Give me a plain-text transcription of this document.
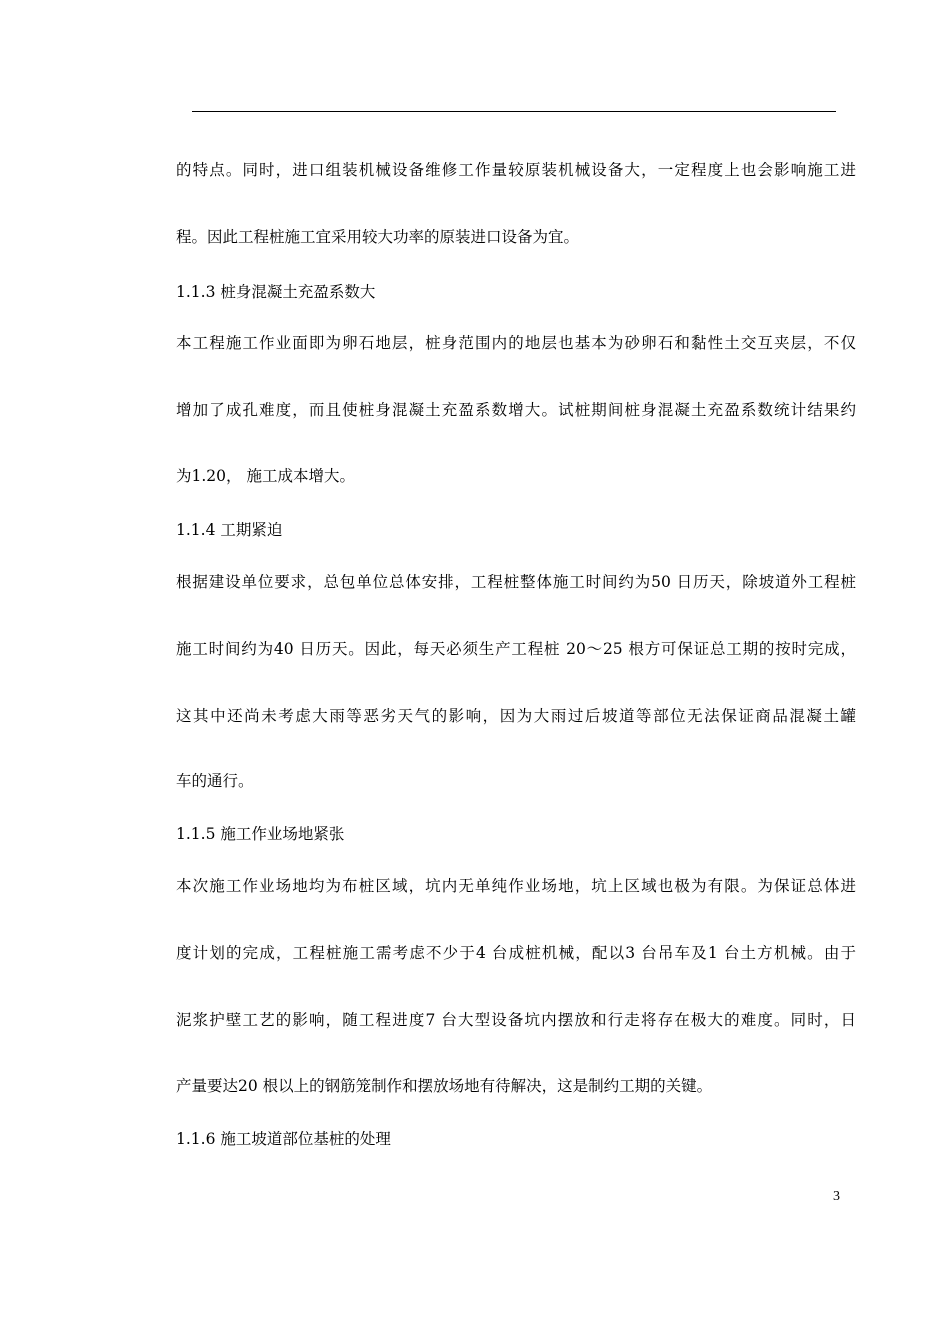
的特点。同时，进口组装机械设备维修工作量较原装机械设备大，一定程度上也会影响施工进
程。因此工程桩施工宜采用较大功率的原装进口设备为宜。
1.1.3 桩身混凝土充盈系数大
本工程施工作业面即为卵石地层，桩身范围内的地层也基本为砂卵石和黏性土交互夹层，不仅
增加了成孔难度，而且使桩身混凝土充盈系数增大。试桩期间桩身混凝土充盈系数统计结果约
为1.20， 施工成本增大。
1.1.4 工期紧迫
根据建设单位要求，总包单位总体安排，工程桩整体施工时间约为50 日历天，除坡道外工程桩
施工时间约为40 日历天。因此，每天必须生产工程桩 20～25 根方可保证总工期的按时完成，
这其中还尚未考虑大雨等恶劣天气的影响，因为大雨过后坡道等部位无法保证商品混凝土罐
车的通行。
1.1.5 施工作业场地紧张
本次施工作业场地均为布桩区域，坑内无单纯作业场地，坑上区域也极为有限。为保证总体进
度计划的完成，工程桩施工需考虑不少于4 台成桩机械，配以3 台吊车及1 台土方机械。由于
泥浆护壁工艺的影响，随工程进度7 台大型设备坑内摆放和行走将存在极大的难度。同时，日
产量要达20 根以上的钢筋笼制作和摆放场地有待解决，这是制约工期的关键。
1.1.6 施工坡道部位基桩的处理
3
